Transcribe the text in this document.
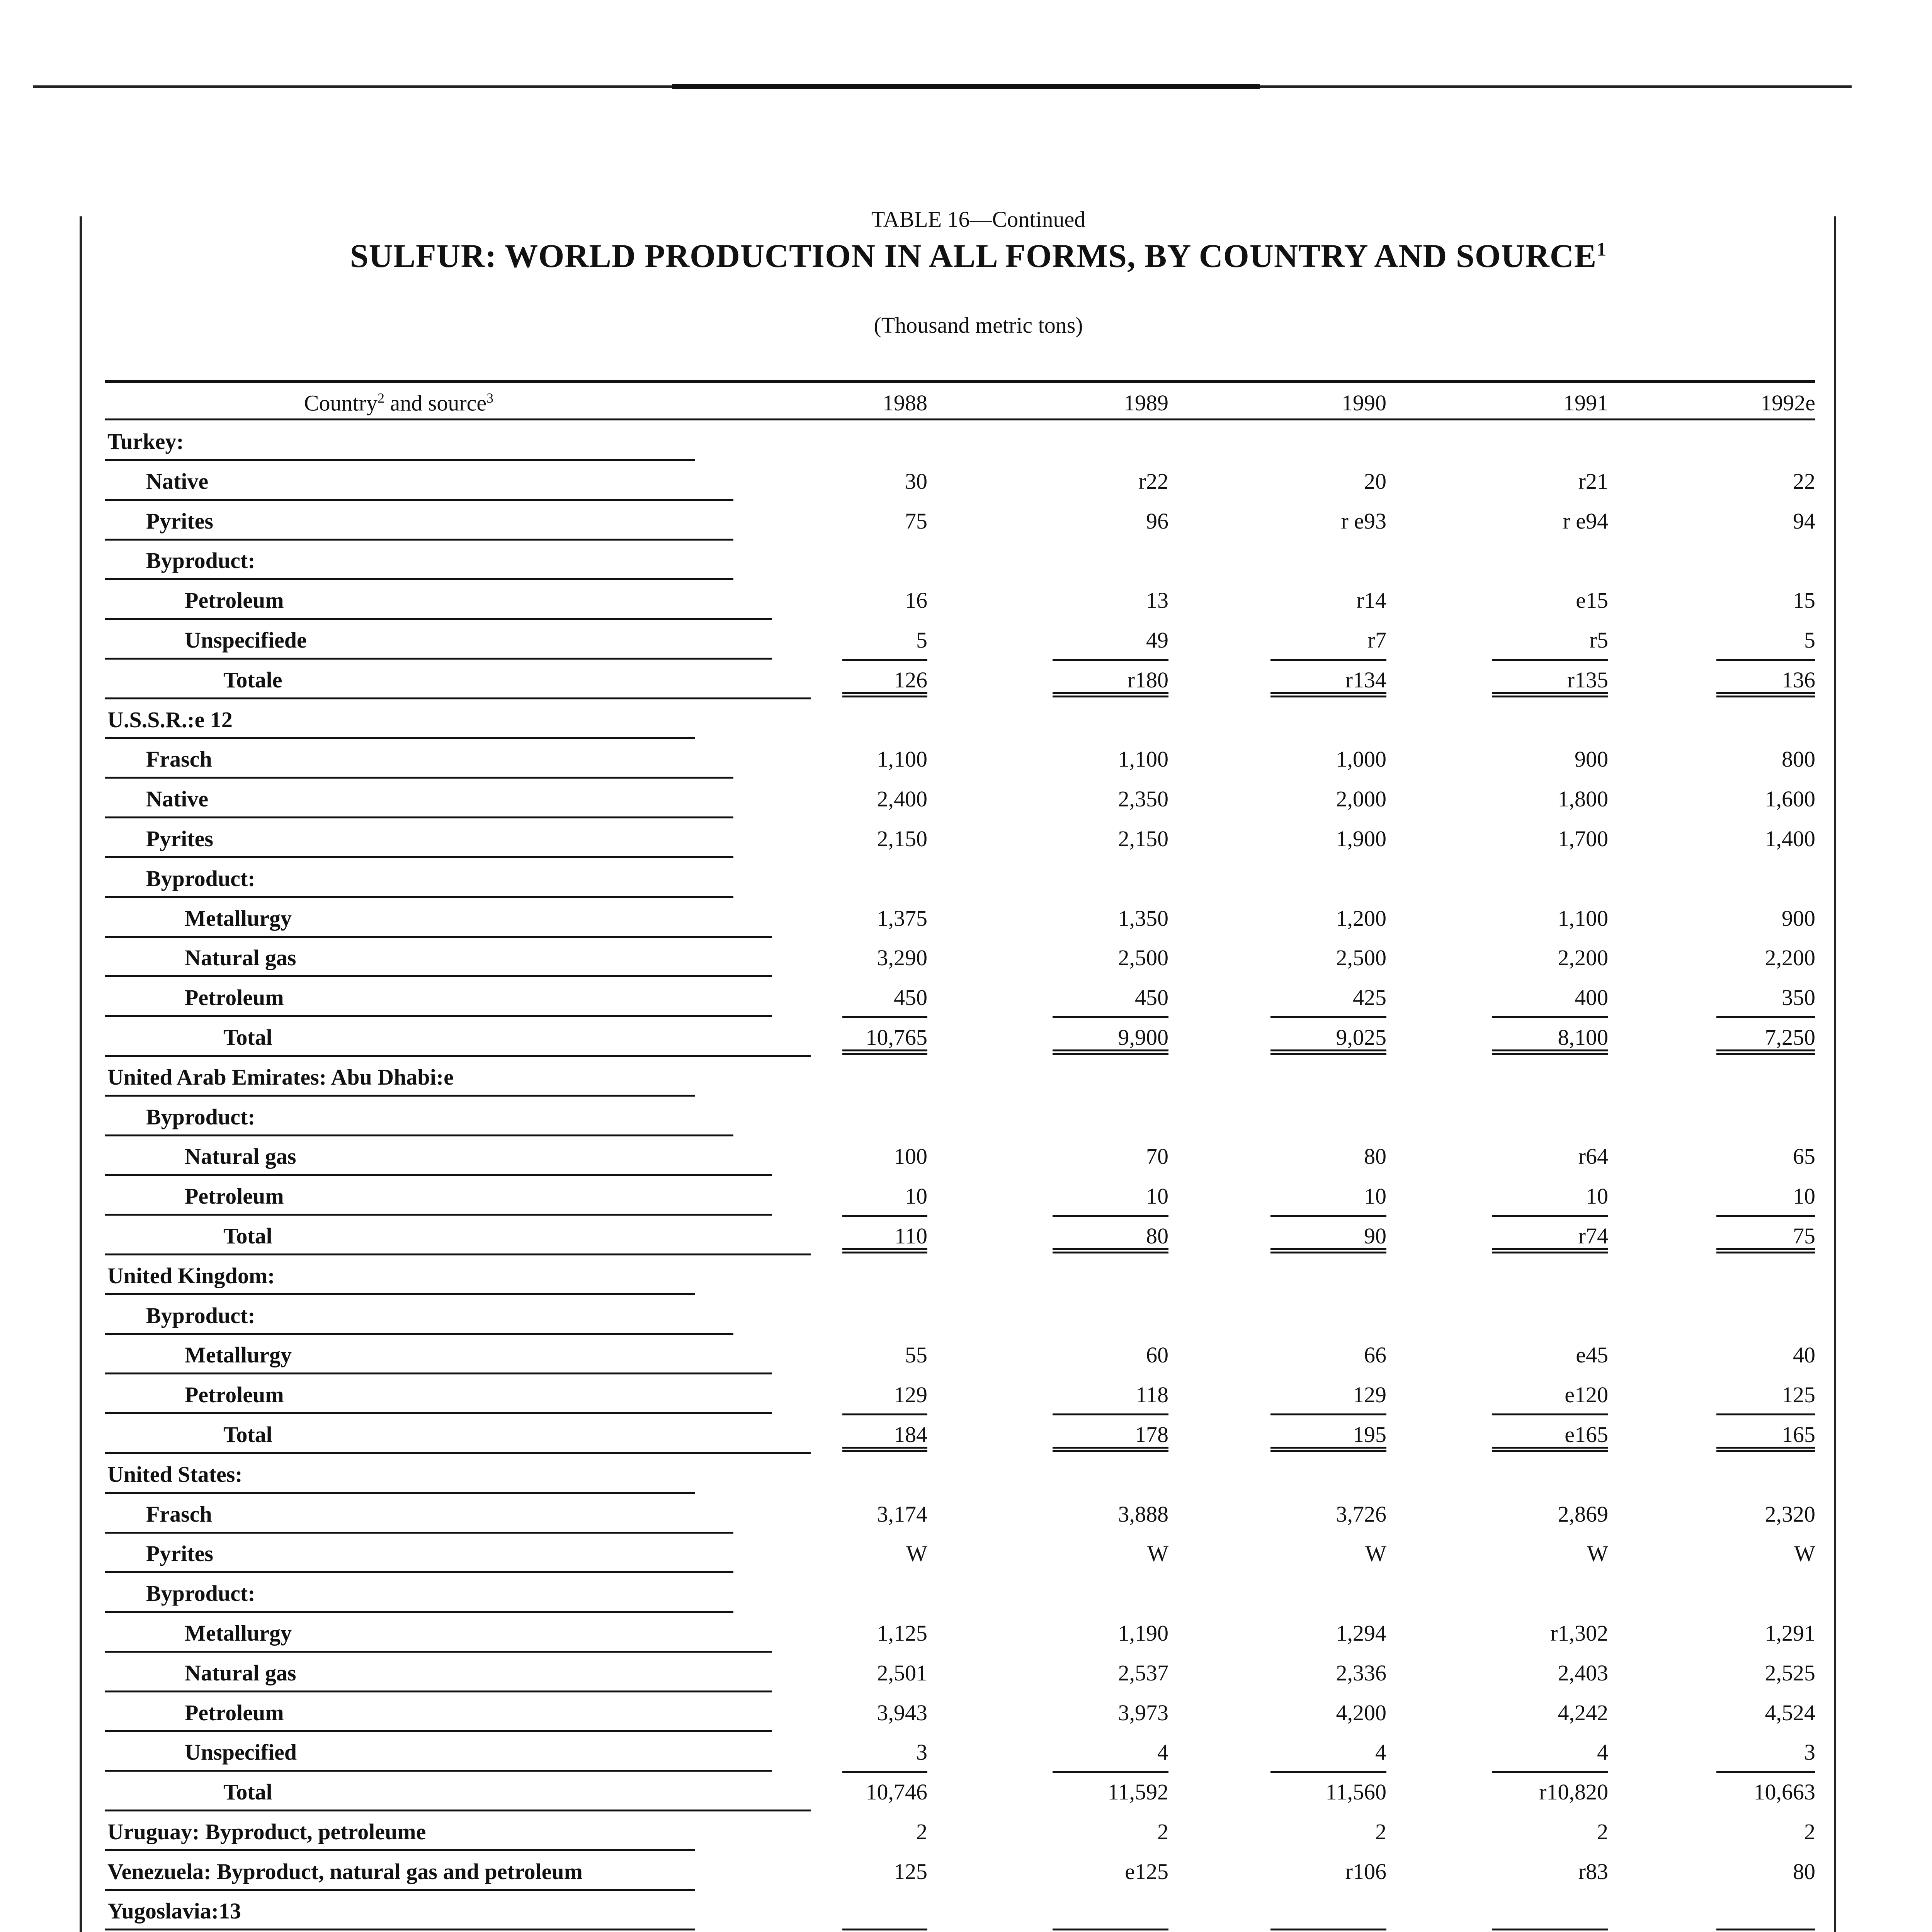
TABLE 16—Continued
SULFUR: WORLD PRODUCTION IN ALL FORMS, BY COUNTRY AND SOURCE$^1$
(Thousand metric tons)
Country$^2$ and source$^3$	1988	1989	1990	1991	1992e
Turkey:
Native	30	r22	20	r21	22
Pyrites	75	96	r e93	r e94	94
Byproduct:
Petroleum	16	13	r14	e15	15
Unspecifiede	5	49	r7	r5	5
Totale	126	r180	r134	r135	136
U.S.S.R.:e 12
Frasch	1,100	1,100	1,000	900	800
Native	2,400	2,350	2,000	1,800	1,600
Pyrites	2,150	2,150	1,900	1,700	1,400
Byproduct:
Metallurgy	1,375	1,350	1,200	1,100	900
Natural gas	3,290	2,500	2,500	2,200	2,200
Petroleum	450	450	425	400	350
Total	10,765	9,900	9,025	8,100	7,250
United Arab Emirates: Abu Dhabi:e
Byproduct:
Natural gas	100	70	80	r64	65
Petroleum	10	10	10	10	10
Total	110	80	90	r74	75
United Kingdom:
Byproduct:
Metallurgy	55	60	66	e45	40
Petroleum	129	118	129	e120	125
Total	184	178	195	e165	165
United States:
Frasch	3,174	3,888	3,726	2,869	2,320
Pyrites	W	W	W	W	W
Byproduct:
Metallurgy	1,125	1,190	1,294	r1,302	1,291
Natural gas	2,501	2,537	2,336	2,403	2,525
Petroleum	3,943	3,973	4,200	4,242	4,524
Unspecified	3	4	4	4	3
Total	10,746	11,592	11,560	r10,820	10,663
Uruguay: Byproduct, petroleume	2	2	2	2	2
Venezuela: Byproduct, natural gas and petroleum	125	e125	r106	r83	80
Yugoslavia:13
